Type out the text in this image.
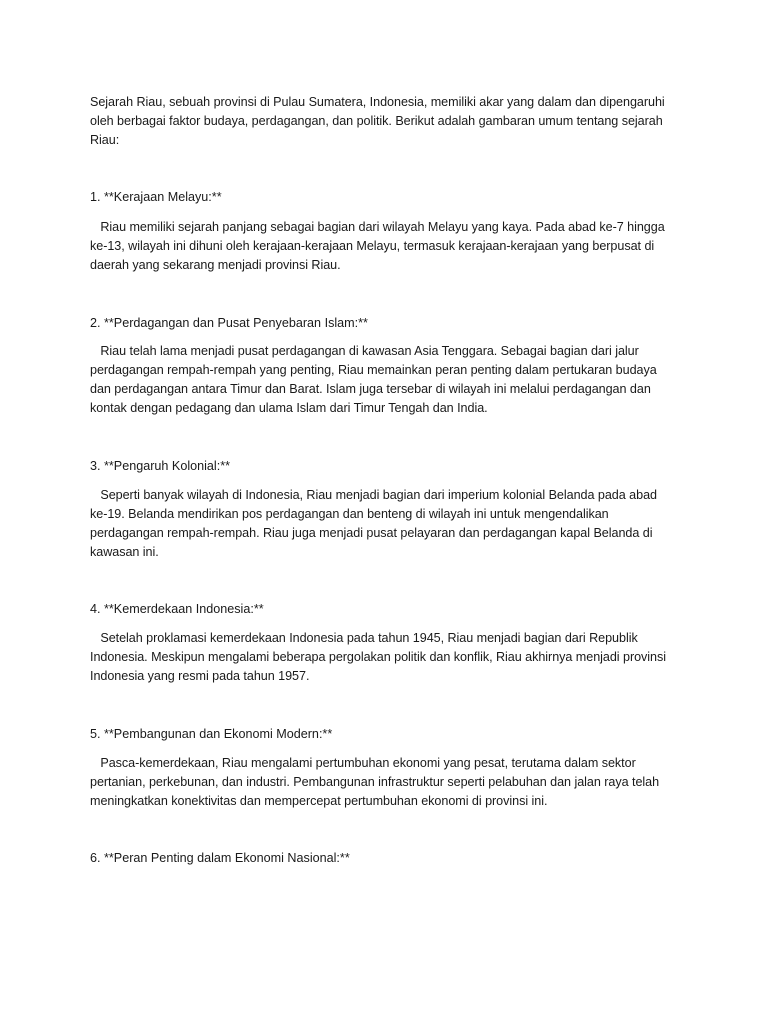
Sejarah Riau, sebuah provinsi di Pulau Sumatera, Indonesia, memiliki akar yang dalam dan dipengaruhi

oleh berbagai faktor budaya, perdagangan, dan politik. Berikut adalah gambaran umum tentang sejarah

Riau:

1. **Kerajaan Melayu:**

Riau memiliki sejarah panjang sebagai bagian dari wilayah Melayu yang kaya. Pada abad ke-7 hingga

ke-13, wilayah ini dihuni oleh kerajaan-kerajaan Melayu, termasuk kerajaan-kerajaan yang berpusat di

daerah yang sekarang menjadi provinsi Riau.

2. **Perdagangan dan Pusat Penyebaran Islam:**

Riau telah lama menjadi pusat perdagangan di kawasan Asia Tenggara. Sebagai bagian dari jalur

perdagangan rempah-rempah yang penting, Riau memainkan peran penting dalam pertukaran budaya

dan perdagangan antara Timur dan Barat. Islam juga tersebar di wilayah ini melalui perdagangan dan

kontak dengan pedagang dan ulama Islam dari Timur Tengah dan India.

3. **Pengaruh Kolonial:**

Seperti banyak wilayah di Indonesia, Riau menjadi bagian dari imperium kolonial Belanda pada abad

ke-19. Belanda mendirikan pos perdagangan dan benteng di wilayah ini untuk mengendalikan

perdagangan rempah-rempah. Riau juga menjadi pusat pelayaran dan perdagangan kapal Belanda di

kawasan ini.

4. **Kemerdekaan Indonesia:**

Setelah proklamasi kemerdekaan Indonesia pada tahun 1945, Riau menjadi bagian dari Republik

Indonesia. Meskipun mengalami beberapa pergolakan politik dan konflik, Riau akhirnya menjadi provinsi

Indonesia yang resmi pada tahun 1957.

5. **Pembangunan dan Ekonomi Modern:**

Pasca-kemerdekaan, Riau mengalami pertumbuhan ekonomi yang pesat, terutama dalam sektor

pertanian, perkebunan, dan industri. Pembangunan infrastruktur seperti pelabuhan dan jalan raya telah

meningkatkan konektivitas dan mempercepat pertumbuhan ekonomi di provinsi ini.

6. **Peran Penting dalam Ekonomi Nasional:**
